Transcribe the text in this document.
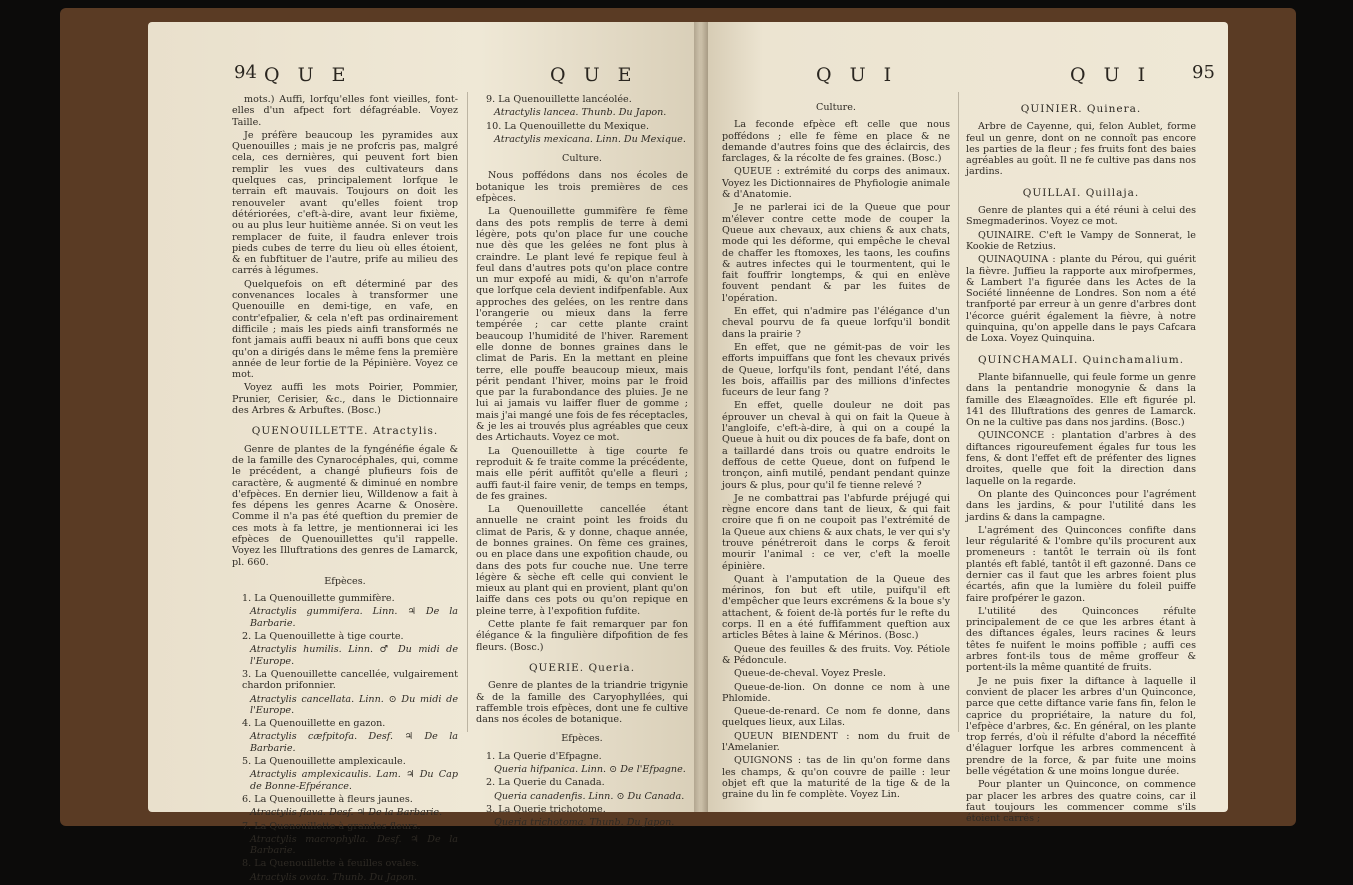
94 Q U E	Q U E

mots.) Auffi, lorfqu'elles font vieilles, font-elles d'un afpect fort défagréable. Voyez Taille.

Je préfère beaucoup les pyramides aux Quenouilles ; mais je ne profcris pas, malgré cela, ces dernières, qui peuvent fort bien remplir les vues des cultivateurs dans quelques cas, principalement lorfque le terrain eft mauvais. Toujours on doit les renouveler avant qu'elles foient trop détériorées, c'eft-à-dire, avant leur fixième, ou au plus leur huitième année. Si on veut les remplacer de fuite, il faudra enlever trois pieds cubes de terre du lieu où elles étoient, & en fubftituer de l'autre, prife au milieu des carrés à légumes.

Quelquefois on eft déterminé par des convenances locales à transformer une Quenouille en demi-tige, en vafe, en contr'efpalier, & cela n'eft pas ordinairement difficile ; mais les pieds ainfi transformés ne font jamais auffi beaux ni auffi bons que ceux qu'on a dirigés dans le même fens la première année de leur fortie de la Pépinière. Voyez ce mot.

Voyez auffi les mots Poirier, Pommier, Prunier, Cerisier, &c., dans le Dictionnaire des Arbres & Arbuftes. (Bosc.)

QUENOUILLETTE. Atractylis.

Genre de plantes de la fyngénéfie égale & de la famille des Cynarocéphales, qui, comme le précédent, a changé plufieurs fois de caractère, & augmenté & diminué en nombre d'efpèces. En dernier lieu, Willdenow a fait à fes dépens les genres Acarne & Onosère. Comme il n'a pas été queftion du premier de ces mots à fa lettre, je mentionnerai ici les efpèces de Quenouillettes qu'il rappelle. Voyez les Illuftrations des genres de Lamarck, pl. 660.

Efpèces.

1. La Quenouillette gummifère.

Atractylis gummifera. Linn. ♃ De la Barbarie.

2. La Quenouillette à tige courte.

Atractylis humilis. Linn. ♂ Du midi de l'Europe.

3. La Quenouillette cancellée, vulgairement chardon prifonnier.

Atractylis cancellata. Linn. ⊙ Du midi de l'Europe.

4. La Quenouillette en gazon.

Atractylis cæfpitofa. Desf. ♃ De la Barbarie.

5. La Quenouillette amplexicaule.

Atractylis amplexicaulis. Lam. ♃ Du Cap de Bonne-Efpérance.

6. La Quenouillette à fleurs jaunes.

Atractylis flava. Desf. ♃ De la Barbarie.

7. La Quenouillette à grandes fleurs.

Atractylis macrophylla. Desf. ♃ De la Barbarie.

8. La Quenouillette à feuilles ovales.

Atractylis ovata. Thunb. Du Japon.

9. La Quenouillette lancéolée.

Atractylis lancea. Thunb. Du Japon.

10. La Quenouillette du Mexique.

Atractylis mexicana. Linn. Du Mexique.

Culture.

Nous poffédons dans nos écoles de botanique les trois premières de ces efpèces.

La Quenouillette gummifère fe fème dans des pots remplis de terre à demi légère, pots qu'on place fur une couche nue dès que les gelées ne font plus à craindre. Le plant levé fe repique feul à feul dans d'autres pots qu'on place contre un mur expofé au midi, & qu'on n'arrofe que lorfque cela devient indifpenfable. Aux approches des gelées, on les rentre dans l'orangerie ou mieux dans la ferre tempérée ; car cette plante craint beaucoup l'humidité de l'hiver. Rarement elle donne de bonnes graines dans le climat de Paris. En la mettant en pleine terre, elle pouffe beaucoup mieux, mais périt pendant l'hiver, moins par le froid que par la furabondance des pluies. Je ne lui ai jamais vu laiffer fluer de gomme ; mais j'ai mangé une fois de fes réceptacles, & je les ai trouvés plus agréables que ceux des Artichauts. Voyez ce mot.

La Quenouillette à tige courte fe reproduit & fe traite comme la précédente, mais elle périt auffitôt qu'elle a fleuri ; auffi faut-il faire venir, de temps en temps, de fes graines.

La Quenouillette cancellée étant annuelle ne craint point les froids du climat de Paris, & y donne, chaque année, de bonnes graines. On fème ces graines, ou en place dans une expofition chaude, ou dans des pots fur couche nue. Une terre légère & sèche eft celle qui convient le mieux au plant qui en provient, plant qu'on laiffe dans ces pots ou qu'on repique en pleine terre, à l'expofition fufdite.

Cette plante fe fait remarquer par fon élégance & la fingulière difpofition de fes fleurs. (Bosc.)

QUERIE. Queria.

Genre de plantes de la triandrie trigynie & de la famille des Caryophyllées, qui raffemble trois efpèces, dont une fe cultive dans nos écoles de botanique.

Efpèces.

1. La Querie d'Efpagne.

Queria hifpanica. Linn. ⊙ De l'Efpagne.

2. La Querie du Canada.

Queria canadenfis. Linn. ⊙ Du Canada.

3. La Querie trichotome.

Queria trichotoma. Thunb. Du Japon.

Q U I	Q U I 95

Culture.

La feconde efpèce eft celle que nous poffédons ; elle fe fème en place & ne demande d'autres foins que des éclaircis, des farclages, & la récolte de fes graines. (Bosc.)

QUEUE : extrémité du corps des animaux. Voyez les Dictionnaires de Phyfiologie animale & d'Anatomie.

Je ne parlerai ici de la Queue que pour m'élever contre cette mode de couper la Queue aux chevaux, aux chiens & aux chats, mode qui les déforme, qui empêche le cheval de chaffer les ftomoxes, les taons, les coufins & autres infectes qui le tourmentent, qui le fait fouffrir longtemps, & qui en enlève fouvent pendant & par les fuites de l'opération.

En effet, qui n'admire pas l'élégance d'un cheval pourvu de fa queue lorfqu'il bondit dans la prairie ?

En effet, que ne gémit-pas de voir les efforts impuiffans que font les chevaux privés de Queue, lorfqu'ils font, pendant l'été, dans les bois, affaillis par des millions d'infectes fuceurs de leur fang ?

En effet, quelle douleur ne doit pas éprouver un cheval à qui on fait la Queue à l'angloife, c'eft-à-dire, à qui on a coupé la Queue à huit ou dix pouces de fa bafe, dont on a taillardé dans trois ou quatre endroits le deffous de cette Queue, dont on fufpend le tronçon, ainfi mutilé, pendant pendant quinze jours & plus, pour qu'il fe tienne relevé ?

Je ne combattrai pas l'abfurde préjugé qui règne encore dans tant de lieux, & qui fait croire que fi on ne coupoit pas l'extrémité de la Queue aux chiens & aux chats, le ver qui s'y trouve pénétreroit dans le corps & feroit mourir l'animal : ce ver, c'eft la moelle épinière.

Quant à l'amputation de la Queue des mérinos, fon but eft utile, puifqu'il eft d'empêcher que leurs excrémens & la boue s'y attachent, & foient de-là portés fur le refte du corps. Il en a été fuffifamment queftion aux articles Bêtes à laine & Mérinos. (Bosc.)

Queue des feuilles & des fruits. Voy. Pétiole & Pédoncule.

Queue-de-cheval. Voyez Presle.

Queue-de-lion. On donne ce nom à une Phlomide.

Queue-de-renard. Ce nom fe donne, dans quelques lieux, aux Lilas.

QUEUN BIENDENT : nom du fruit de l'Amelanier.

QUIGNONS : tas de lin qu'on forme dans les champs, & qu'on couvre de paille : leur objet eft que la maturité de la tige & de la graine du lin fe complète. Voyez Lin.

QUINIER. Quinera.

Arbre de Cayenne, qui, felon Aublet, forme feul un genre, dont on ne connoît pas encore les parties de la fleur ; fes fruits font des baies agréables au goût. Il ne fe cultive pas dans nos jardins.

QUILLAI. Quillaja.

Genre de plantes qui a été réuni à celui des Smegmaderinos. Voyez ce mot.

QUINAIRE. C'eft le Vampy de Sonnerat, le Kookie de Retzius.

QUINAQUINA : plante du Pérou, qui guérit la fièvre. Juffieu la rapporte aux mirofpermes, & Lambert l'a figurée dans les Actes de la Société linnéenne de Londres. Son nom a été tranfporté par erreur à un genre d'arbres dont l'écorce guérit également la fièvre, à notre quinquina, qu'on appelle dans le pays Cafcara de Loxa. Voyez Quinquina.

QUINCHAMALI. Quinchamalium.

Plante bifannuelle, qui feule forme un genre dans la pentandrie monogynie & dans la famille des Elæagnoïdes. Elle eft figurée pl. 141 des Illuftrations des genres de Lamarck. On ne la cultive pas dans nos jardins. (Bosc.)

QUINCONCE : plantation d'arbres à des diftances rigoureufement égales fur tous les fens, & dont l'effet eft de préfenter des lignes droites, quelle que foit la direction dans laquelle on la regarde.

On plante des Quinconces pour l'agrément dans les jardins, & pour l'utilité dans les jardins & dans la campagne.

L'agrément des Quinconces confifte dans leur régularité & l'ombre qu'ils procurent aux promeneurs : tantôt le terrain où ils font plantés eft fablé, tantôt il eft gazonné. Dans ce dernier cas il faut que les arbres foient plus écartés, afin que la lumière du foleil puiffe faire profpérer le gazon.

L'utilité des Quinconces réfulte principalement de ce que les arbres étant à des diftances égales, leurs racines & leurs têtes fe nuifent le moins poffible ; auffi ces arbres font-ils tous de même groffeur & portent-ils la même quantité de fruits.

Je ne puis fixer la diftance à laquelle il convient de placer les arbres d'un Quinconce, parce que cette diftance varie fans fin, felon le caprice du propriétaire, la nature du fol, l'efpèce d'arbres, &c. En général, on les plante trop ferrés, d'où il réfulte d'abord la néceffité d'élaguer lorfque les arbres commencent à prendre de la force, & par fuite une moins belle végétation & une moins longue durée.

Pour planter un Quinconce, on commence par placer les arbres des quatre coins, car il faut toujours les commencer comme s'ils étoient carrés ;
